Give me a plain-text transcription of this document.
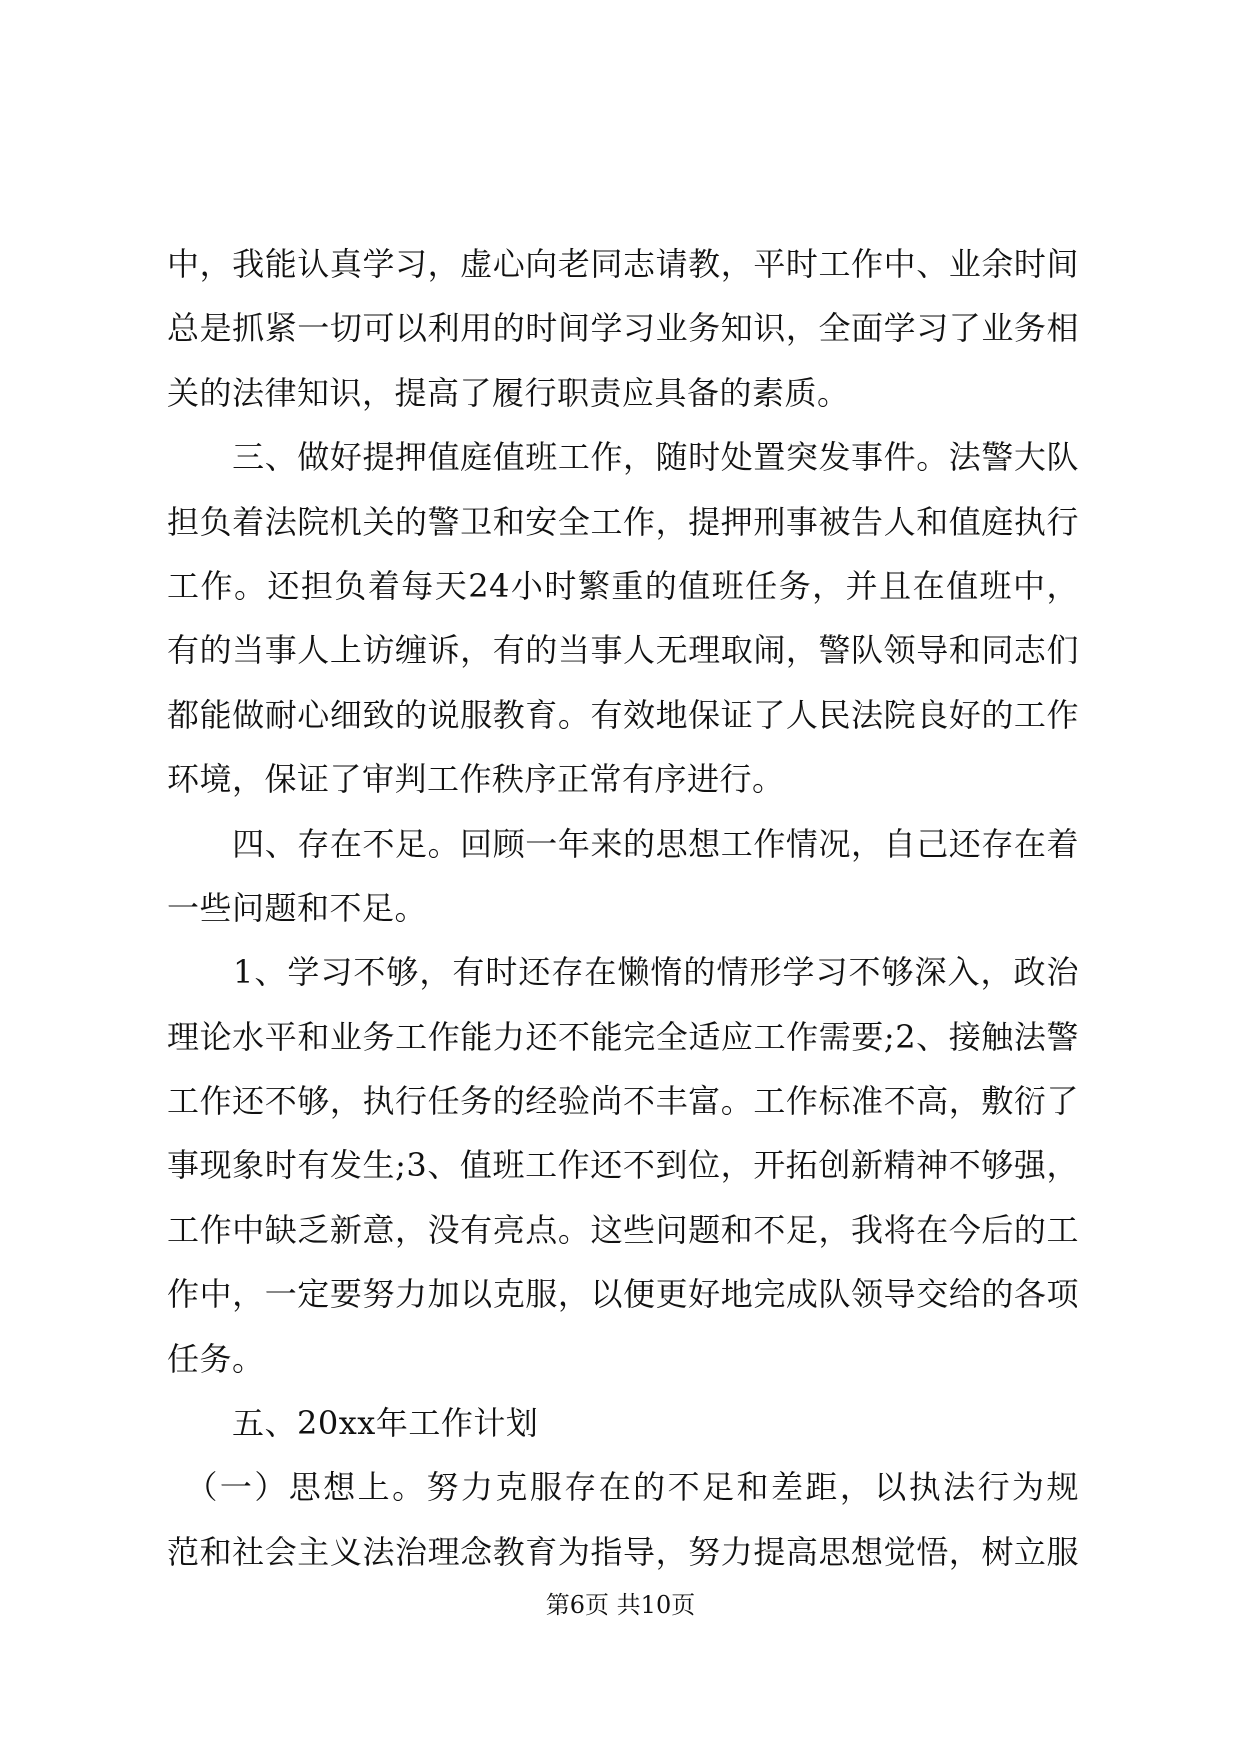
中，我能认真学习，虚心向老同志请教，平时工作中、业余时间
总是抓紧一切可以利用的时间学习业务知识，全面学习了业务相
关的法律知识，提高了履行职责应具备的素质。
　　三、做好提押值庭值班工作，随时处置突发事件。法警大队
担负着法院机关的警卫和安全工作，提押刑事被告人和值庭执行
工作。还担负着每天24小时繁重的值班任务，并且在值班中，
有的当事人上访缠诉，有的当事人无理取闹，警队领导和同志们
都能做耐心细致的说服教育。有效地保证了人民法院良好的工作
环境，保证了审判工作秩序正常有序进行。
　　四、存在不足。回顾一年来的思想工作情况，自己还存在着
一些问题和不足。
　　1、学习不够，有时还存在懒惰的情形学习不够深入，政治
理论水平和业务工作能力还不能完全适应工作需要;2、接触法警
工作还不够，执行任务的经验尚不丰富。工作标准不高，敷衍了
事现象时有发生;3、值班工作还不到位，开拓创新精神不够强，
工作中缺乏新意，没有亮点。这些问题和不足，我将在今后的工
作中，一定要努力加以克服，以便更好地完成队领导交给的各项
任务。
　　五、20xx年工作计划
　（一）思想上。努力克服存在的不足和差距，以执法行为规
范和社会主义法治理念教育为指导，努力提高思想觉悟，树立服
第6页 共10页
